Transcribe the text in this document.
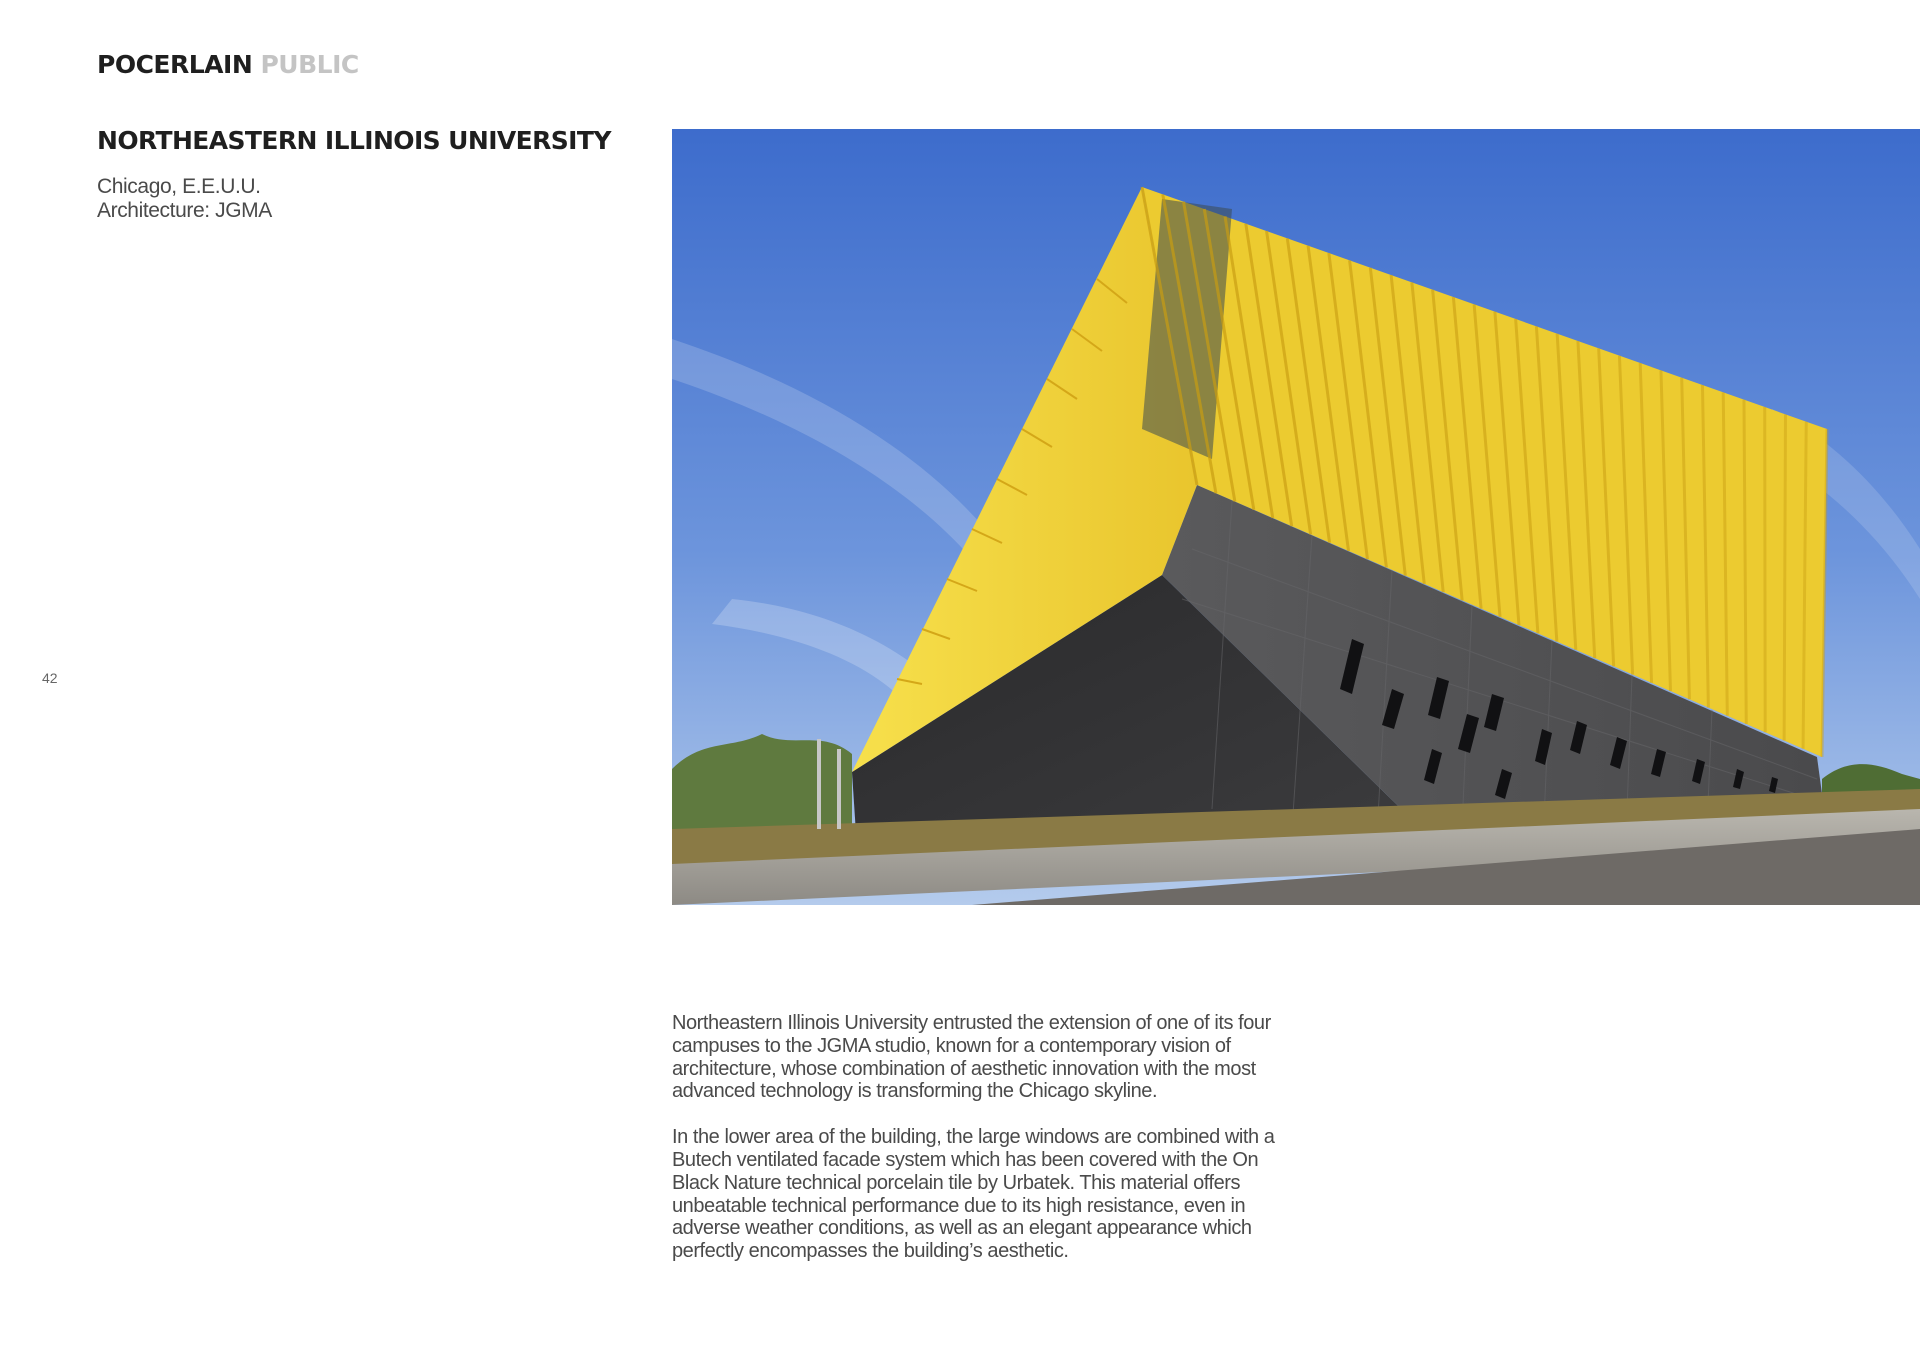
POCERLAIN PUBLIC
NORTHEASTERN ILLINOIS UNIVERSITY
Chicago, E.E.U.U.
Architecture: JGMA
42

Northeastern Illinois University entrusted the extension of one of its four campuses to the JGMA studio, known for a contemporary vision of architecture, whose combination of aesthetic innovation with the most advanced technology is transforming the Chicago skyline.

In the lower area of the building, the large windows are combined with a Butech ventilated facade system which has been covered with the On Black Nature technical porcelain tile by Urbatek. This material offers unbeatable technical performance due to its high resistance, even in adverse weather conditions, as well as an elegant appearance which perfectly encompasses the building’s aesthetic.
